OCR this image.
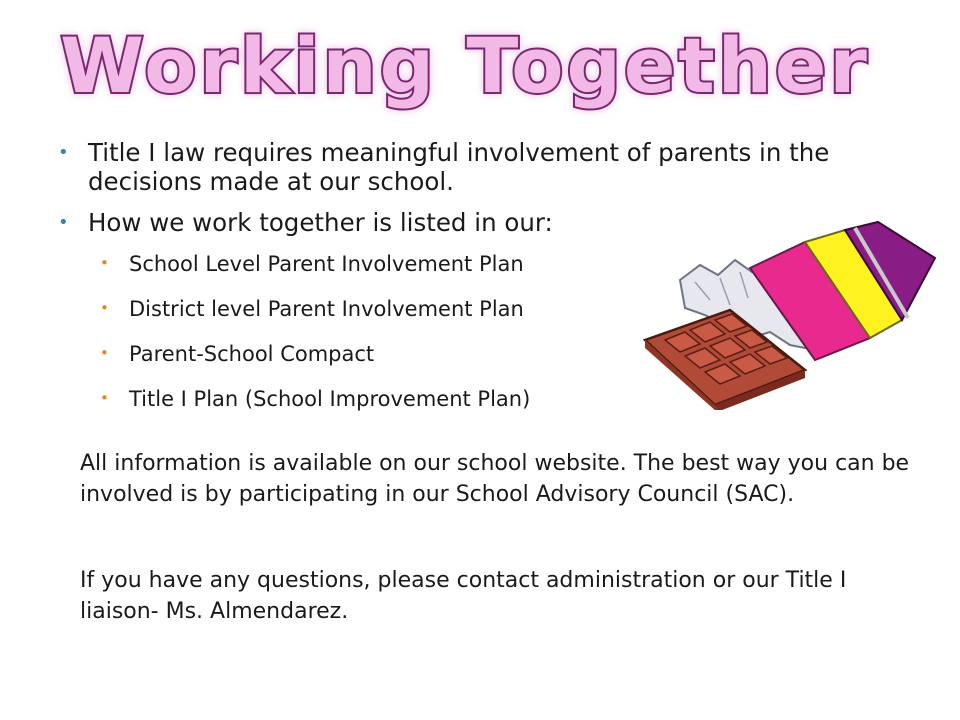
Working Together
• Title I law requires meaningful involvement of parents in the decisions made at our school.
• How we work together is listed in our:
• School Level Parent Involvement Plan
• District level Parent Involvement Plan
• Parent-School Compact
• Title I Plan (School Improvement Plan)

All information is available on our school website. The best way you can be involved is by participating in our School Advisory Council (SAC).

If you have any questions, please contact administration or our Title I liaison- Ms. Almendarez.
